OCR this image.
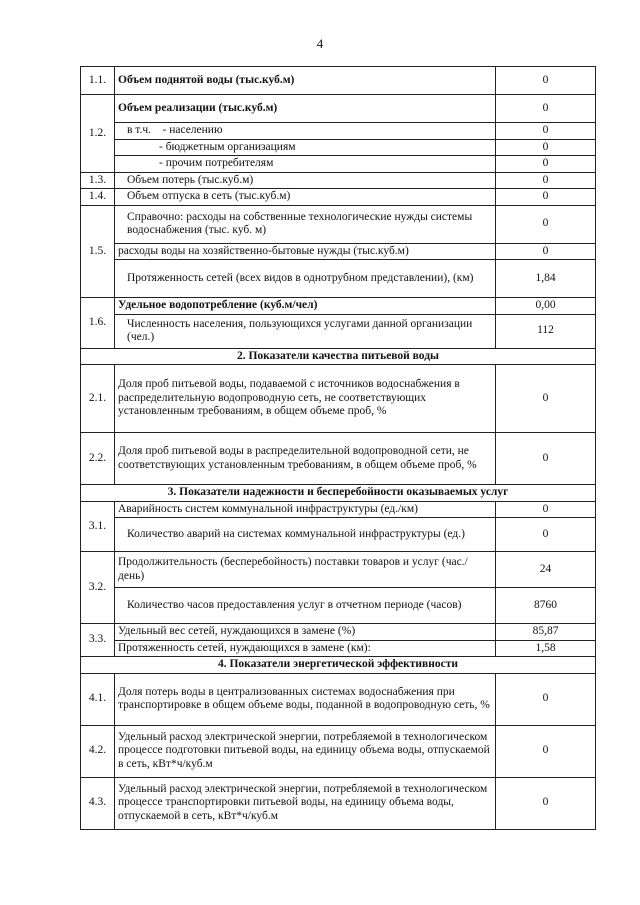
4
1.1.	Объем поднятой воды (тыс.куб.м)	0
1.2.	Объем реализации (тыс.куб.м)	0
	в т.ч. - населению	0
	- бюджетным организациям	0
	- прочим потребителям	0
1.3.	Объем потерь (тыс.куб.м)	0
1.4.	Объем отпуска в сеть (тыс.куб.м)	0
1.5.	Справочно: расходы на собственные технологические нужды системы водоснабжения (тыс. куб. м)	0
	расходы воды на хозяйственно-бытовые нужды (тыс.куб.м)	0
	Протяженность сетей (всех видов в однотрубном представлении), (км)	1,84
1.6.	Удельное водопотребление (куб.м/чел)	0,00
	Численность населения, пользующихся услугами данной организации (чел.)	112
2. Показатели качества питьевой воды		
2.1.	Доля проб питьевой воды, подаваемой с источников водоснабжения в распределительную водопроводную сеть, не соответствующих установленным требованиям, в общем объеме проб, %	0
2.2.	Доля проб питьевой воды в распределительной водопроводной сети, не соответствующих установленным требованиям, в общем объеме проб, %	0
3. Показатели надежности и бесперебойности оказываемых услуг		
3.1.	Аварийность систем коммунальной инфраструктуры (ед./км)	0
	Количество аварий на системах коммунальной инфраструктуры (ед.)	0
3.2.	Продолжительность (бесперебойность) поставки товаров и услуг (час./день)	24
	Количество часов предоставления услуг в отчетном периоде (часов)	8760
3.3.	Удельный вес сетей, нуждающихся в замене (%)	85,87
	Протяженность сетей, нуждающихся в замене (км):	1,58
4. Показатели энергетической эффективности		
4.1.	Доля потерь воды в централизованных системах водоснабжения при транспортировке в общем объеме воды, поданной в водопроводную сеть, %	0
4.2.	Удельный расход электрической энергии, потребляемой в технологическом процессе подготовки питьевой воды, на единицу объема воды, отпускаемой в сеть, кВт*ч/куб.м	0
4.3.	Удельный расход электрической энергии, потребляемой в технологическом процессе транспортировки питьевой воды, на единицу объема воды, отпускаемой в сеть, кВт*ч/куб.м	0
